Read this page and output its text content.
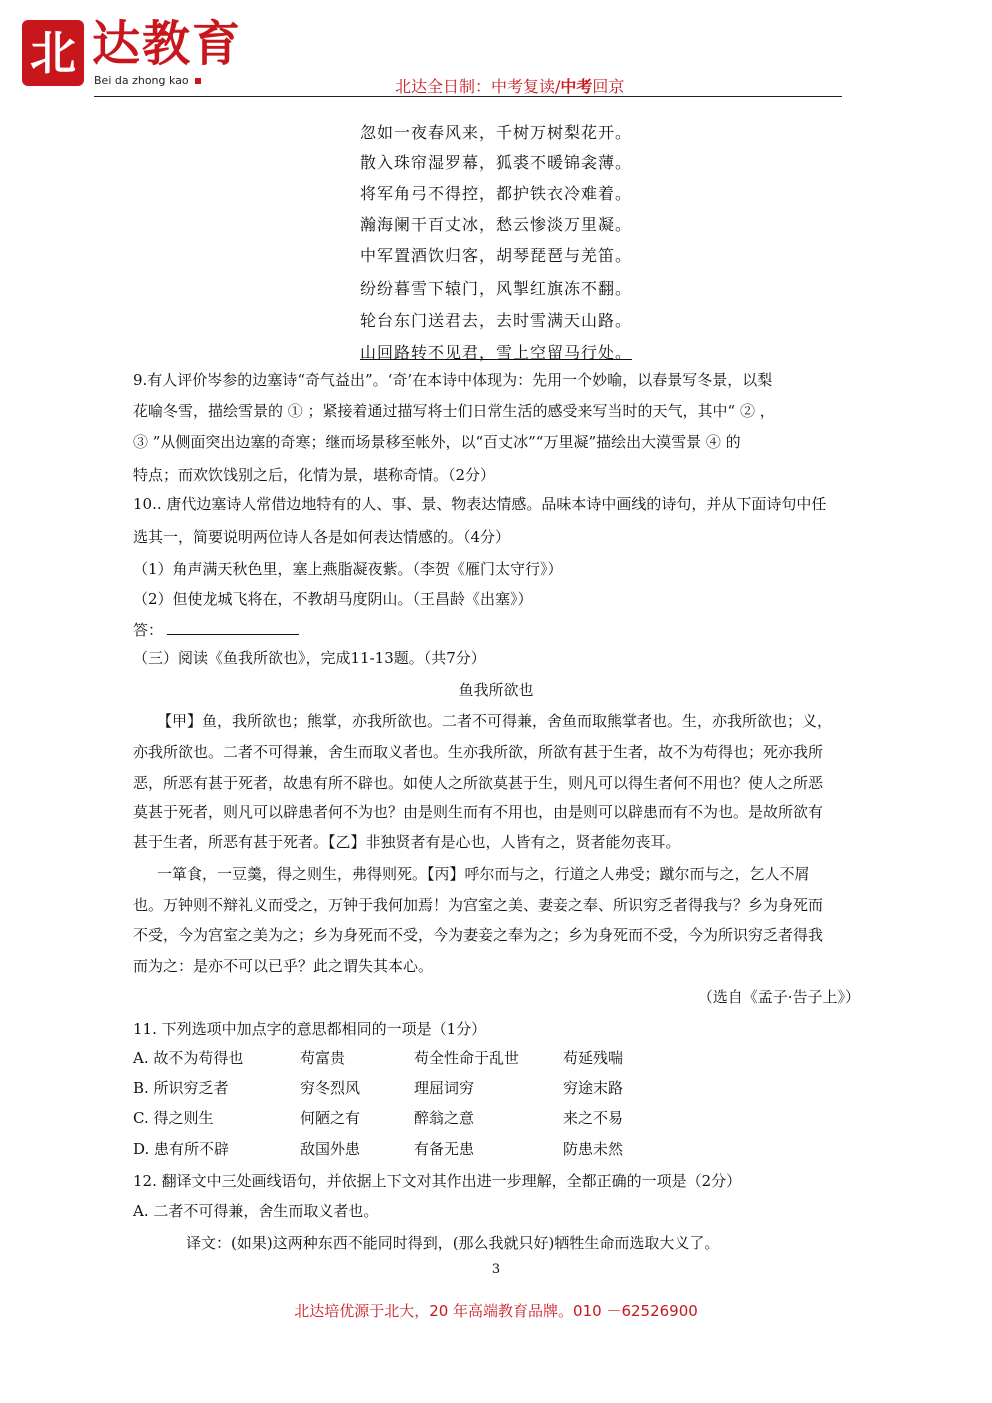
北 达教育
Bei da zhong kao	北达全日制：中考复读/中考回京
忽如一夜春风来，千树万树梨花开。
散入珠帘湿罗幕，狐裘不暖锦衾薄。
将军角弓不得控，都护铁衣冷难着。
瀚海阑干百丈冰，愁云惨淡万里凝。
中军置酒饮归客，胡琴琵琶与羌笛。
纷纷暮雪下辕门，风掣红旗冻不翻。
轮台东门送君去，去时雪满天山路。
山回路转不见君，雪上空留马行处。
9.有人评价岑参的边塞诗“奇气益出”。‘奇’在本诗中体现为：先用一个妙喻，以春景写冬景，以梨
花喻冬雪，描绘雪景的 ① ；紧接着通过描写将士们日常生活的感受来写当时的天气，其中“ ② ，
③ ”从侧面突出边塞的奇寒；继而场景移至帐外，以“百丈冰”“万里凝”描绘出大漠雪景 ④ 的
特点；而欢饮饯别之后，化情为景，堪称奇情。（2分）
10.. 唐代边塞诗人常借边地特有的人、事、景、物表达情感。品味本诗中画线的诗句，并从下面诗句中任
选其一，简要说明两位诗人各是如何表达情感的。（4分）
（1）角声满天秋色里，塞上燕脂凝夜紫。（李贺《雁门太守行》）
（2）但使龙城飞将在，不教胡马度阴山。（王昌龄《出塞》）
答：
（三）阅读《鱼我所欲也》，完成11-13题。（共7分）
鱼我所欲也
【甲】鱼，我所欲也；熊掌，亦我所欲也。二者不可得兼，舍鱼而取熊掌者也。生，亦我所欲也；义，
亦我所欲也。二者不可得兼，舍生而取义者也。生亦我所欲，所欲有甚于生者，故不为苟得也；死亦我所
恶，所恶有甚于死者，故患有所不辟也。如使人之所欲莫甚于生，则凡可以得生者何不用也？使人之所恶
莫甚于死者，则凡可以辟患者何不为也？由是则生而有不用也，由是则可以辟患而有不为也。是故所欲有
甚于生者，所恶有甚于死者。【乙】非独贤者有是心也，人皆有之，贤者能勿丧耳。
一箪食，一豆羹，得之则生，弗得则死。【丙】呼尔而与之，行道之人弗受；蹴尔而与之，乞人不屑
也。万钟则不辩礼义而受之，万钟于我何加焉！为宫室之美、妻妾之奉、所识穷乏者得我与？乡为身死而
不受，今为宫室之美为之；乡为身死而不受，今为妻妾之奉为之；乡为身死而不受，今为所识穷乏者得我
而为之：是亦不可以已乎？此之谓失其本心。
（选自《孟子·告子上》）
11. 下列选项中加点字的意思都相同的一项是（1分）
A. 故不为苟得也	苟富贵	苟全性命于乱世	苟延残喘
B. 所识穷乏者	穷冬烈风	理屈词穷	穷途末路
C. 得之则生	何陋之有	醉翁之意	来之不易
D. 患有所不辟	敌国外患	有备无患	防患未然
12. 翻译文中三处画线语句，并依据上下文对其作出进一步理解，全都正确的一项是（2分）
A. 二者不可得兼，舍生而取义者也。
译文：(如果)这两种东西不能同时得到，(那么我就只好)牺牲生命而选取大义了。
3
北达培优源于北大，20 年高端教育品牌。010 －62526900
